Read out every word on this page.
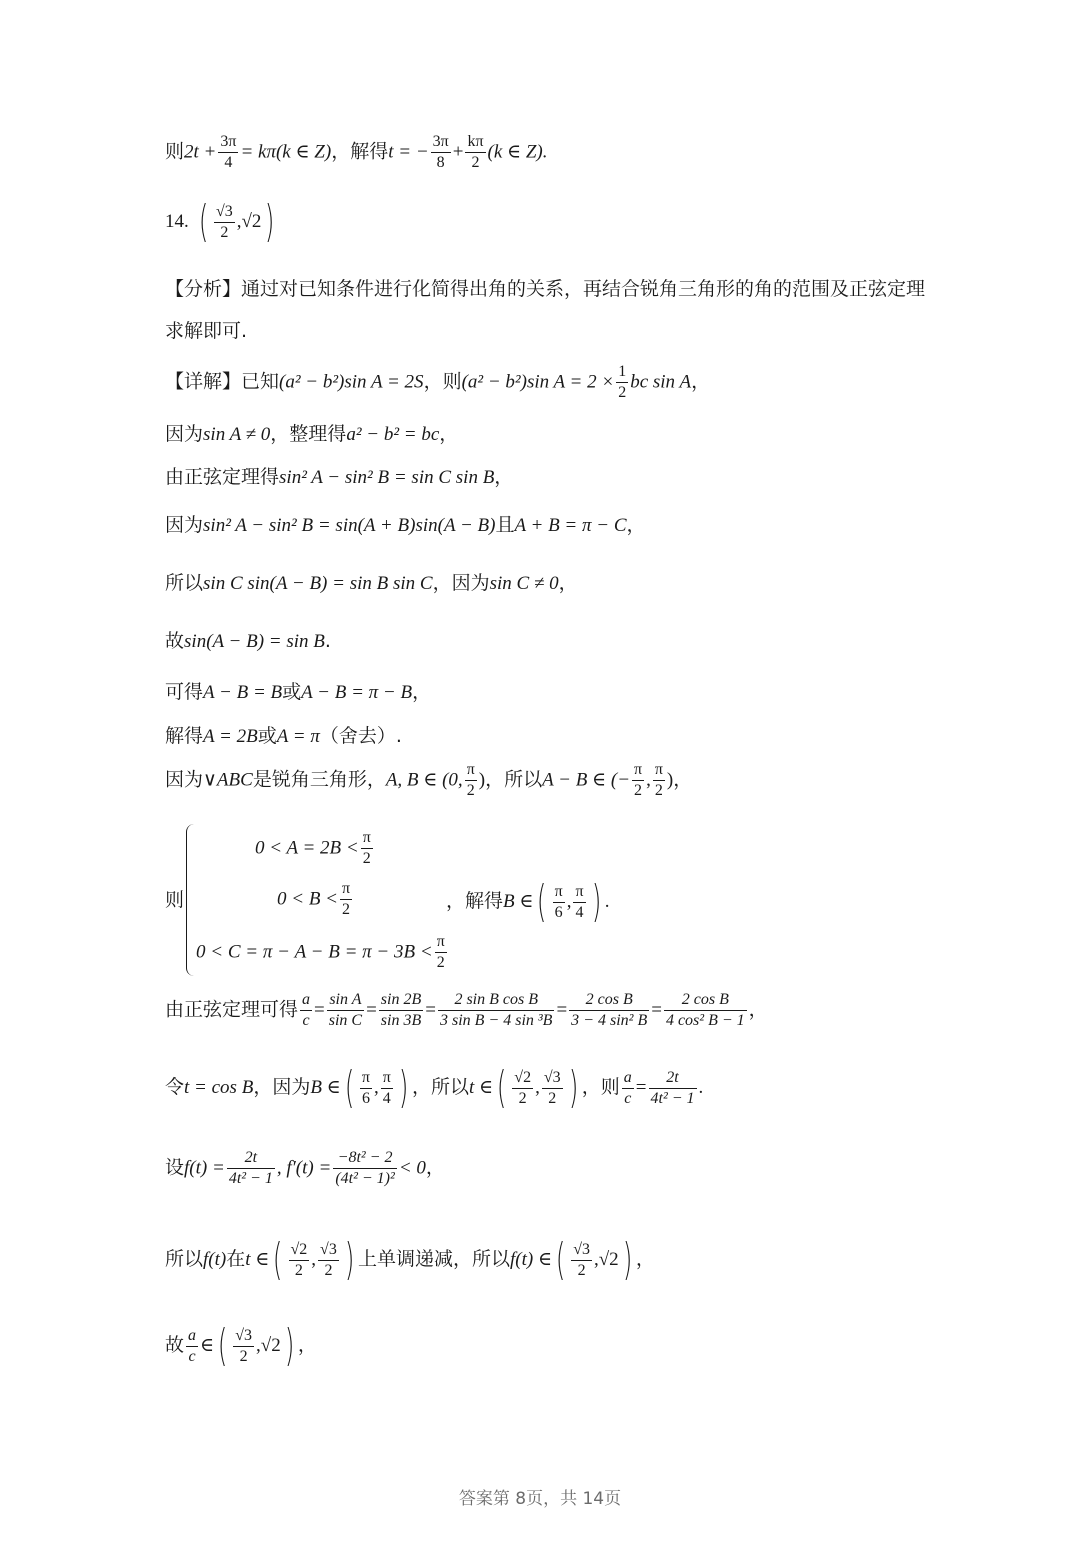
则$2t + \frac{3\pi}{4} = k\pi(k$ ∈ Z)，解得t = − $\frac{3\pi}{8} + \frac{k\pi}{2} (k$ ∈ Z).
14. ( $\frac{√3}{2} ,√2$)
【分析】通过对已知条件进行化简得出角的关系，再结合锐角三角形的角的范围及正弦定理
求解即可.
【详解】已知(a² − b²)sin A = 2S，则(a² − b²)sin $A = 2 \times \frac{1}{2}$ bc sin A，
因为sin A ≠ 0，整理得a² − b² = bc，
由正弦定理得sin² A − sin² B = sin C sin B，
因为sin² A − sin² B = sin(A + B)sin(A − B)且A + B = π − C，
所以sin C sin(A − B) = sin B sin C，因为sin C ≠ 0，
故sin(A − B) = sin B.
可得A − B = B或A − B = π − B，
解得A = 2B或A = π（舍去）.
因为∨ABC是锐角三角形，A, B ∈ (0, $\frac{\pi}{2}$ )，所以A − B ∈ (− $\frac{\pi}{2}$ , $\frac{\pi}{2}$ )，
则
$0 < A = 2B < \frac{\pi}{2}$
$0 < B < \frac{\pi}{2}$
$0 < C = \pi - A - B = \pi - 3B < \frac{\pi}{2}$
，解得B ∈( $\frac{\pi}{6}$ , $\frac{\pi}{4}$ ) .
由正弦定理可得 $\frac{a}{c} = \frac{\text{sin A}}{\text{sin C}} = \frac{\sin 2B}{\sin 3B} = \frac{\text{2 sin B cos B}}{\text{3 sin B − 4 sin ³B}} = \frac{\text{2 cos B}}{\text{3 − 4 sin² B}} = \frac{\text{2 cos B}}{\text{4 cos² B − 1}}$ ，
令t = cos B，因为B ∈( $\frac{\pi}{6}$ , $\frac{\pi}{4}$ ) ，所以t ∈( $\frac{√2}{2}$ , $\frac{√3}{2}$ ) ，则 $\frac{a}{c} = \frac{2t}{\text{4t² − 1}}$ .
设$f(t) = \frac{2t}{\text{4t² − 1}}$ , $f'(t) = \frac{\text{−8t² − 2}}{\text{(4t² − 1)²}} < 0$，
所以f(t)在t ∈( $\frac{√2}{2}$ , $\frac{√3}{2}$ ) 上单调递减，所以f(t) ∈( $\frac{√3}{2} ,√2$) ，
故 $\frac{a}{c}$ ∈( $\frac{√3}{2} ,√2$) ，
答案第 8页，共 14页
